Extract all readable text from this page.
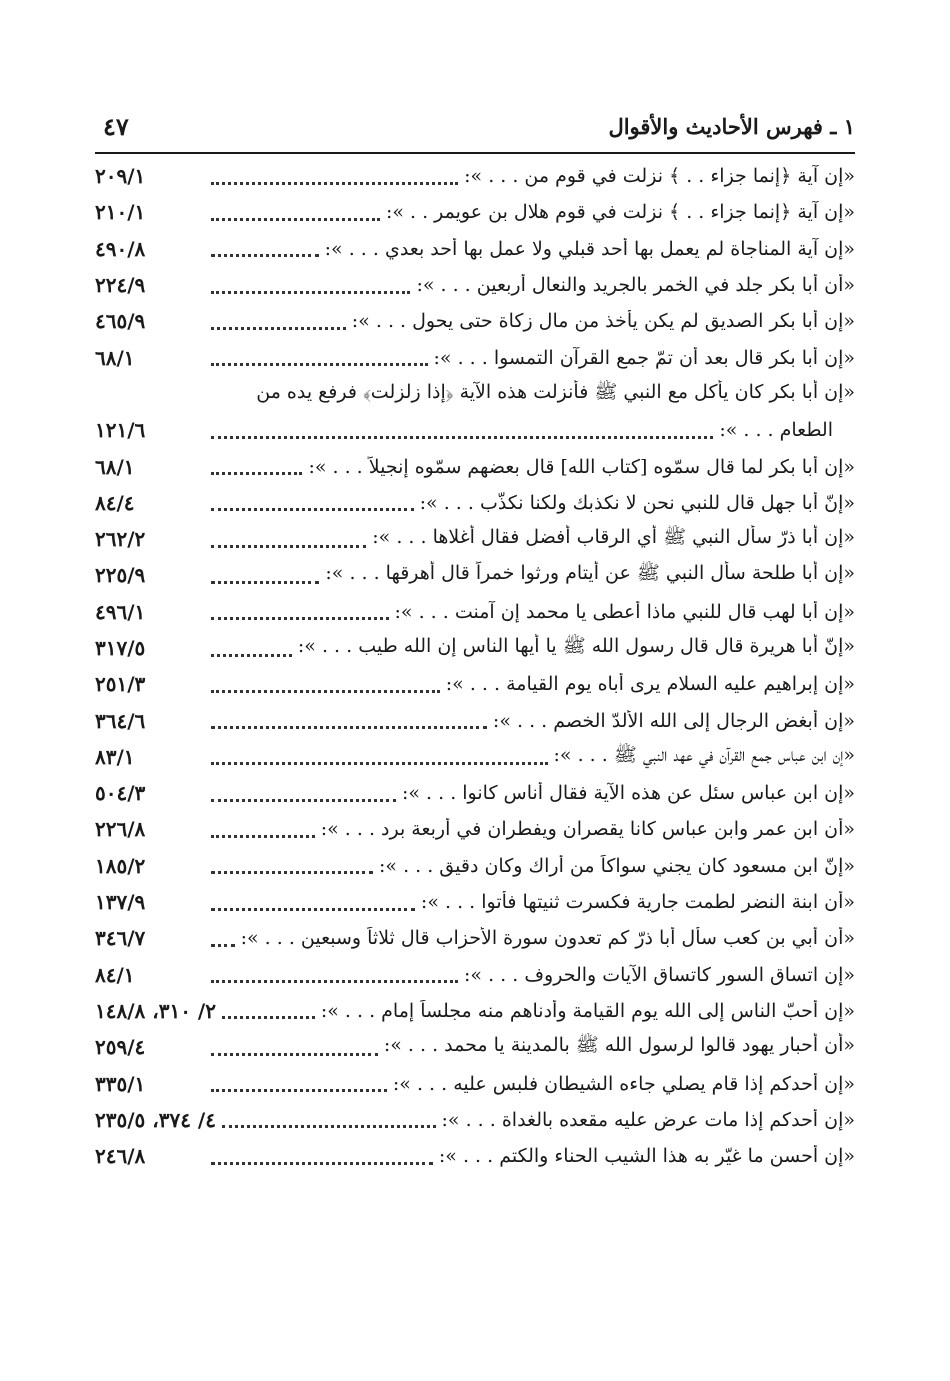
١ ـ فهرس الأحاديث والأقوال
٤٧
٢٠٩/١	«إن آية ﴿إنما جزاء . . ﴾ نزلت في قوم من . . . »:
٢١٠/١	«إن آية ﴿إنما جزاء . . ﴾ نزلت في قوم هلال بن عويمر . . »:
٤٩٠/٨	«إن آية المناجاة لم يعمل بها أحد قبلي ولا عمل بها أحد بعدي . . . »:
٢٢٤/٩	«أن أبا بكر جلد في الخمر بالجريد والنعال أربعين . . . »:
٤٦٥/٩	«إن أبا بكر الصديق لم يكن يأخذ من مال زكاة حتى يحول . . . »:
٦٨/١	«إن أبا بكر قال بعد أن تمّ جمع القرآن التمسوا . . . »:
«إن أبا بكر كان يأكل مع النبي ﷺ فأنزلت هذه الآية ﴿إذا زلزلت﴾ فرفع يده من
١٢١/٦	الطعام . . . »:
٦٨/١	«إن أبا بكر لما قال سمّوه [كتاب الله] قال بعضهم سمّوه إنجيلاً . . . »:
٨٤/٤	«إنّ أبا جهل قال للنبي نحن لا نكذبك ولكنا نكذّب . . . »:
٢٦٢/٢	«إن أبا ذرّ سأل النبي ﷺ أي الرقاب أفضل فقال أغلاها . . . »:
٢٢٥/٩	«إن أبا طلحة سأل النبي ﷺ عن أيتام ورثوا خمراً قال أهرقها . . . »:
٤٩٦/١	«إن أبا لهب قال للنبي ماذا أعطى يا محمد إن آمنت . . . »:
٣١٧/٥	«إنّ أبا هريرة قال قال رسول الله ﷺ يا أيها الناس إن الله طيب . . . »:
٢٥١/٣	«إن إبراهيم عليه السلام يرى أباه يوم القيامة . . . »:
٣٦٤/٦	«إن أبغض الرجال إلى الله الألدّ الخصم . . . »:
٨٣/١	«إن ابن عباس جمع القرآن في عهد النبي ﷺ . . . »:
٥٠٤/٣	«إن ابن عباس سئل عن هذه الآية فقال أناس كانوا . . . »:
٢٢٦/٨	«أن ابن عمر وابن عباس كانا يقصران ويفطران في أربعة برد . . . »:
١٨٥/٢	«إنّ ابن مسعود كان يجني سواكاً من أراك وكان دقيق . . . »:
١٣٧/٩	«أن ابنة النضر لطمت جارية فكسرت ثنيتها فأتوا . . . »:
٣٤٦/٧	«أن أبي بن كعب سأل أبا ذرّ كم تعدون سورة الأحزاب قال ثلاثاً وسبعين . . . »:
٨٤/١	«إن اتساق السور كاتساق الآيات والحروف . . . »:
٢/ ٣١٠، ١٤٨/٨	«إن أحبّ الناس إلى الله يوم القيامة وأدناهم منه مجلساً إمام . . . »:
٢٥٩/٤	«أن أحبار يهود قالوا لرسول الله ﷺ بالمدينة يا محمد . . . »:
٣٣٥/١	«إن أحدكم إذا قام يصلي جاءه الشيطان فلبس عليه . . . »:
٤/ ٣٧٤، ٢٣٥/٥	«إن أحدكم إذا مات عرض عليه مقعده بالغداة . . . »:
٢٤٦/٨	«إن أحسن ما غيّر به هذا الشيب الحناء والكتم . . . »:
